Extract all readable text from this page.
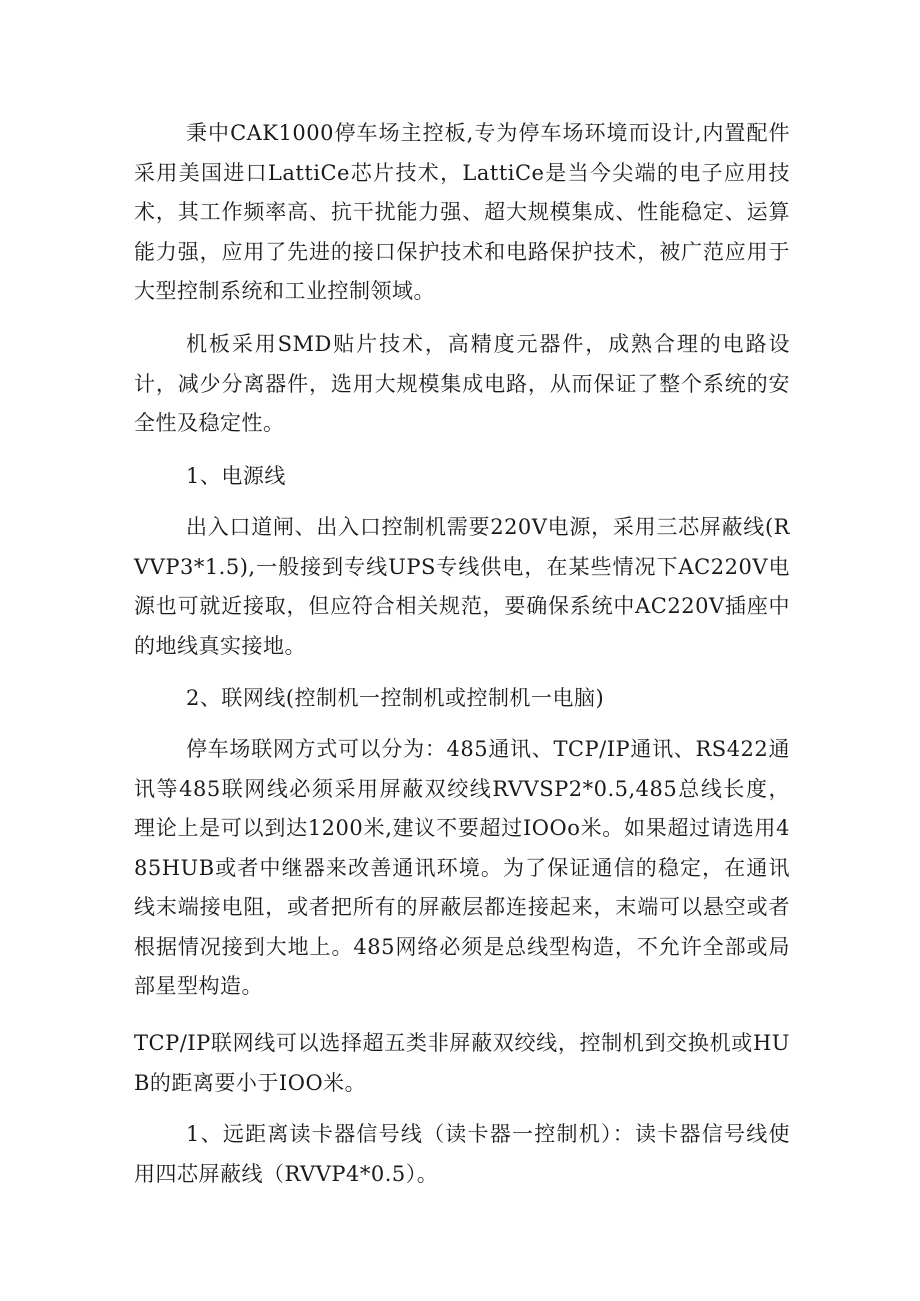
秉中CAK1000停车场主控板,专为停车场环境而设计,内置配件采用美国进口LattiCe芯片技术，LattiCe是当今尖端的电子应用技术，其工作频率高、抗干扰能力强、超大规模集成、性能稳定、运算能力强，应用了先进的接口保护技术和电路保护技术，被广范应用于大型控制系统和工业控制领域。

机板采用SMD贴片技术，高精度元器件，成熟合理的电路设计，减少分离器件，选用大规模集成电路，从而保证了整个系统的安全性及稳定性。

1、电源线

出入口道闸、出入口控制机需要220V电源，采用三芯屏蔽线(RVVP3*1.5),一般接到专线UPS专线供电，在某些情况下AC220V电源也可就近接取，但应符合相关规范，要确保系统中AC220V插座中的地线真实接地。

2、联网线(控制机一控制机或控制机一电脑)

停车场联网方式可以分为：485通讯、TCP/IP通讯、RS422通讯等485联网线必须采用屏蔽双绞线RVVSP2*0.5,485总线长度，理论上是可以到达1200米,建议不要超过IOOo米。如果超过请选用485HUB或者中继器来改善通讯环境。为了保证通信的稳定，在通讯线末端接电阻，或者把所有的屏蔽层都连接起来，末端可以悬空或者根据情况接到大地上。485网络必须是总线型构造，不允许全部或局部星型构造。

TCP/IP联网线可以选择超五类非屏蔽双绞线，控制机到交换机或HUB的距离要小于IOO米。

1、远距离读卡器信号线（读卡器一控制机）：读卡器信号线使用四芯屏蔽线（RVVP4*0.5）。
